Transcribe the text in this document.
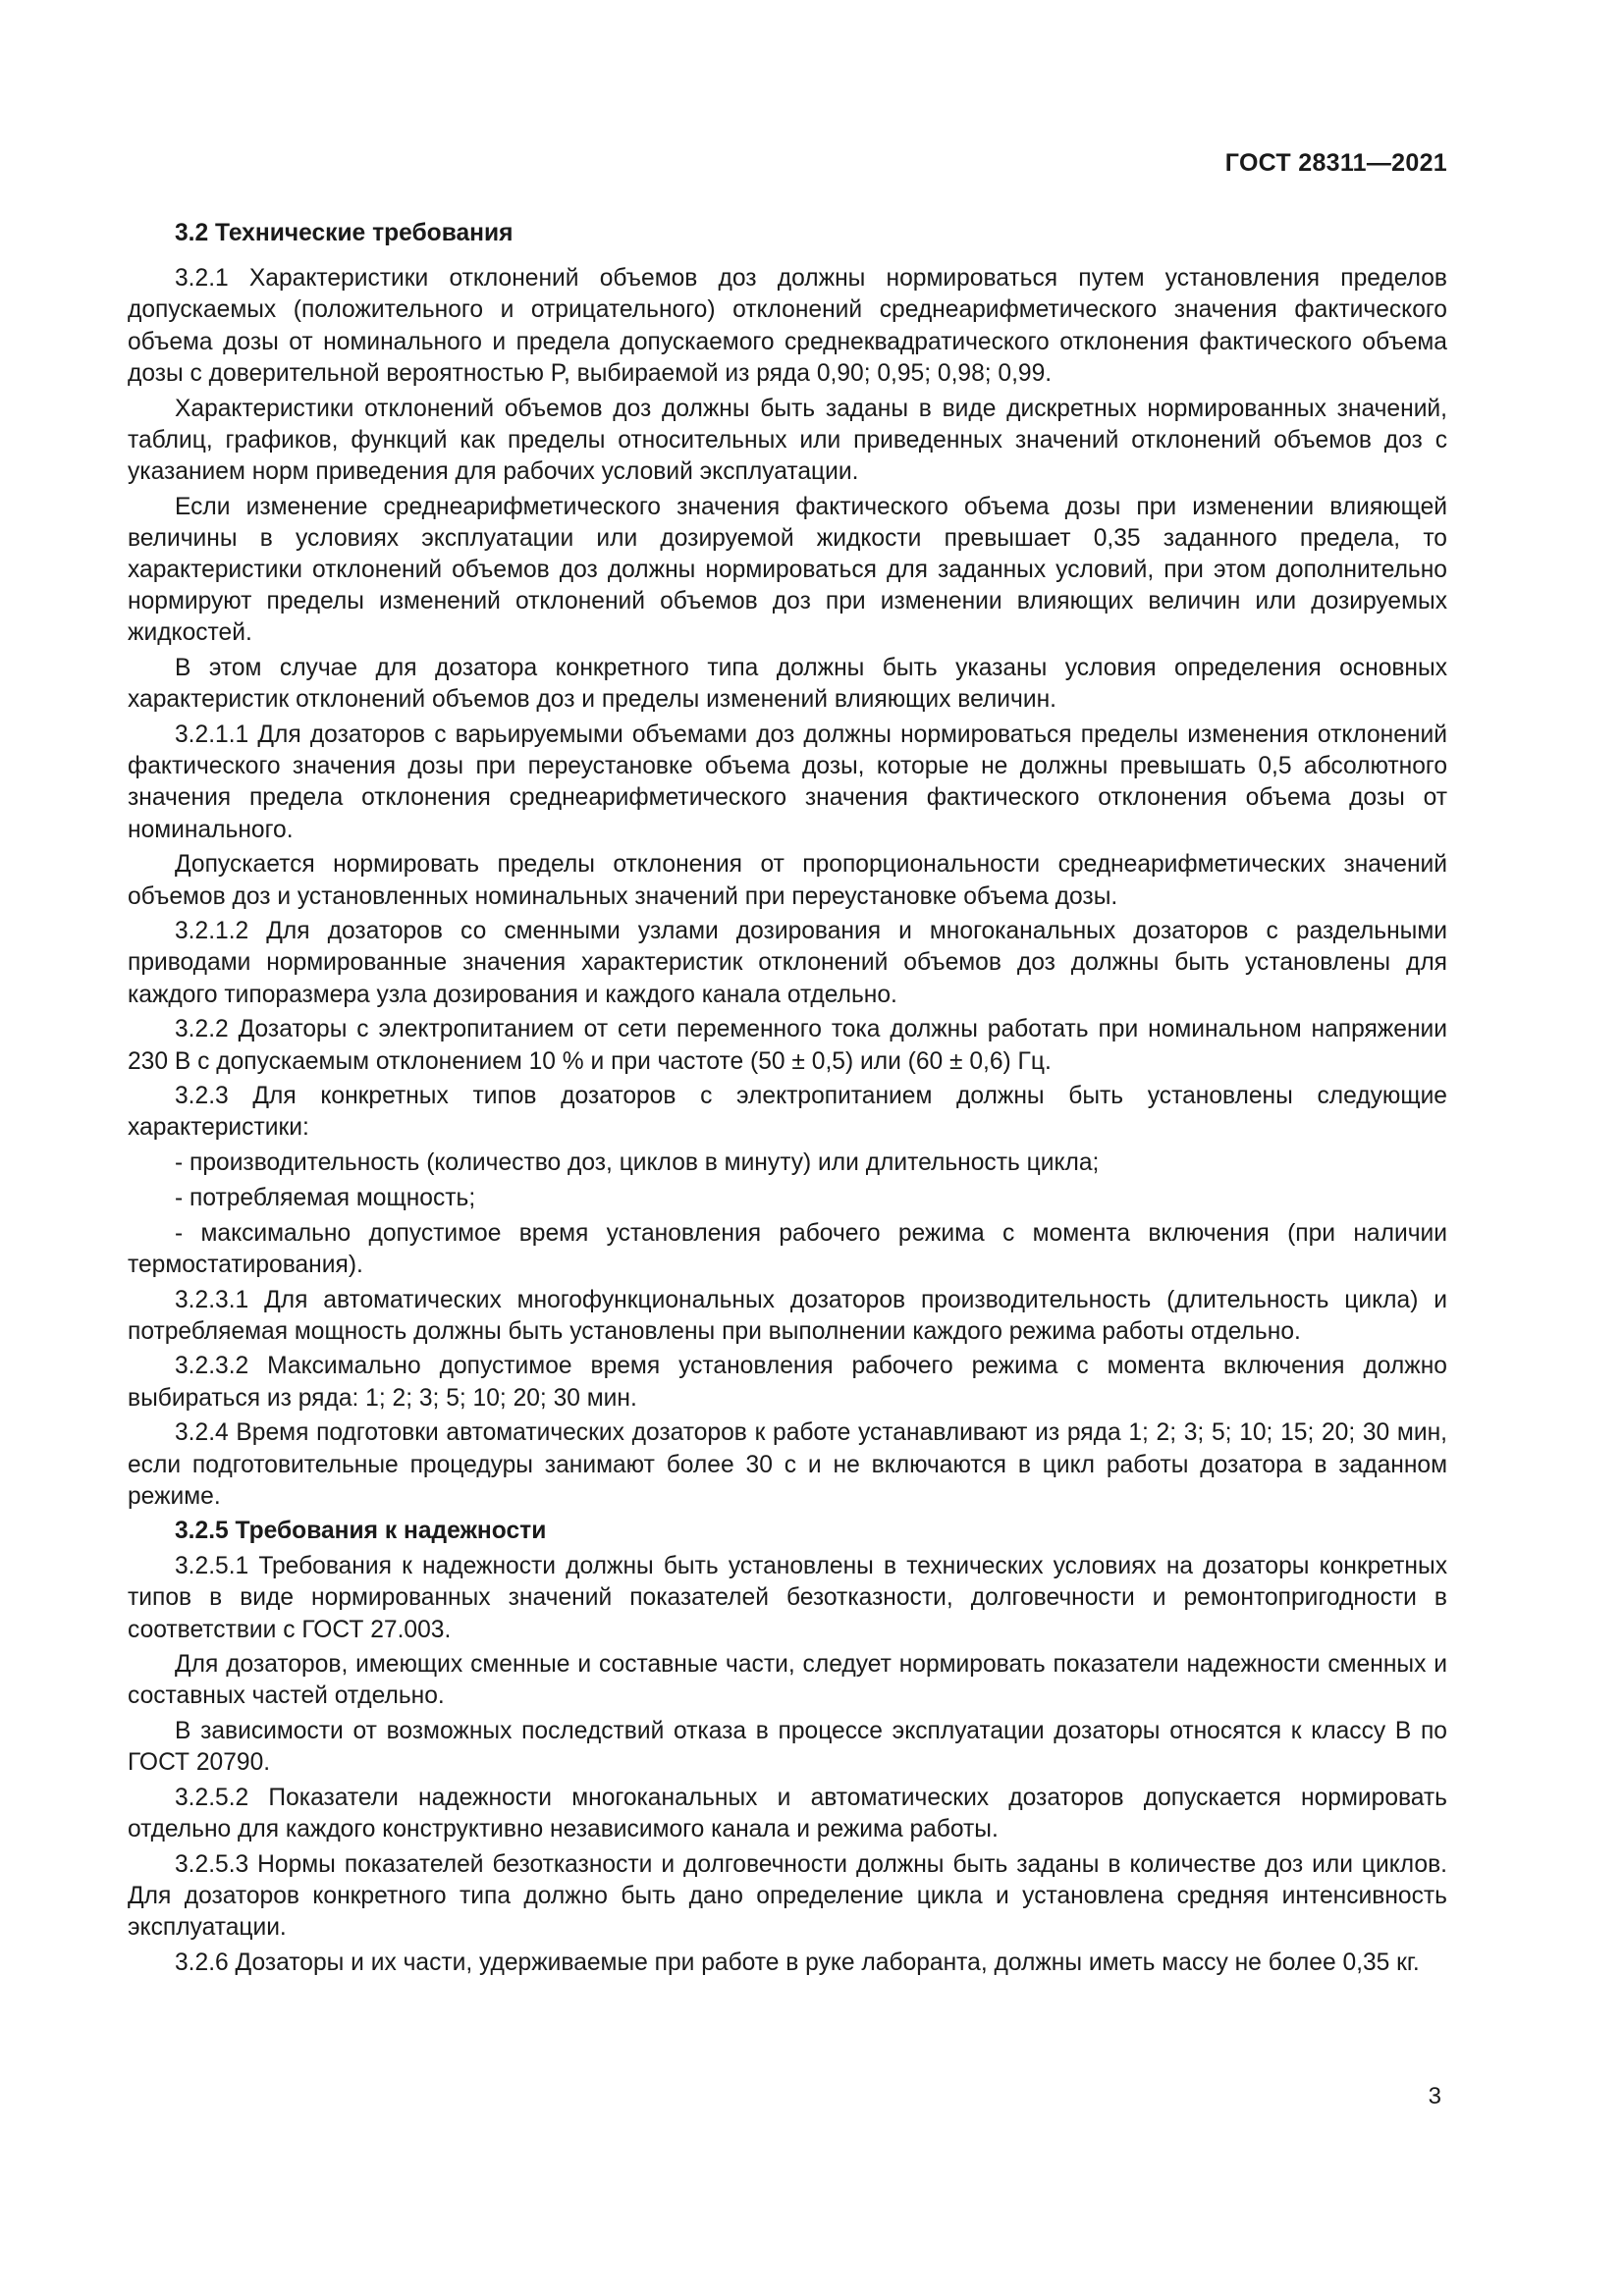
ГОСТ 28311—2021

3.2 Технические требования

3.2.1 Характеристики отклонений объемов доз должны нормироваться путем установления пределов допускаемых (положительного и отрицательного) отклонений среднеарифметического значения фактического объема дозы от номинального и предела допускаемого среднеквадратического отклонения фактического объема дозы с доверительной вероятностью P, выбираемой из ряда 0,90; 0,95; 0,98; 0,99.

Характеристики отклонений объемов доз должны быть заданы в виде дискретных нормированных значений, таблиц, графиков, функций как пределы относительных или приведенных значений отклонений объемов доз с указанием норм приведения для рабочих условий эксплуатации.

Если изменение среднеарифметического значения фактического объема дозы при изменении влияющей величины в условиях эксплуатации или дозируемой жидкости превышает 0,35 заданного предела, то характеристики отклонений объемов доз должны нормироваться для заданных условий, при этом дополнительно нормируют пределы изменений отклонений объемов доз при изменении влияющих величин или дозируемых жидкостей.

В этом случае для дозатора конкретного типа должны быть указаны условия определения основных характеристик отклонений объемов доз и пределы изменений влияющих величин.

3.2.1.1 Для дозаторов с варьируемыми объемами доз должны нормироваться пределы изменения отклонений фактического значения дозы при переустановке объема дозы, которые не должны превышать 0,5 абсолютного значения предела отклонения среднеарифметического значения фактического отклонения объема дозы от номинального.

Допускается нормировать пределы отклонения от пропорциональности среднеарифметических значений объемов доз и установленных номинальных значений при переустановке объема дозы.

3.2.1.2 Для дозаторов со сменными узлами дозирования и многоканальных дозаторов с раздельными приводами нормированные значения характеристик отклонений объемов доз должны быть установлены для каждого типоразмера узла дозирования и каждого канала отдельно.

3.2.2 Дозаторы с электропитанием от сети переменного тока должны работать при номинальном напряжении 230 В с допускаемым отклонением 10 % и при частоте (50 ± 0,5) или (60 ± 0,6) Гц.

3.2.3 Для конкретных типов дозаторов с электропитанием должны быть установлены следующие характеристики:

- производительность (количество доз, циклов в минуту) или длительность цикла;

- потребляемая мощность;

- максимально допустимое время установления рабочего режима с момента включения (при наличии термостатирования).

3.2.3.1 Для автоматических многофункциональных дозаторов производительность (длительность цикла) и потребляемая мощность должны быть установлены при выполнении каждого режима работы отдельно.

3.2.3.2 Максимально допустимое время установления рабочего режима с момента включения должно выбираться из ряда: 1; 2; 3; 5; 10; 20; 30 мин.

3.2.4 Время подготовки автоматических дозаторов к работе устанавливают из ряда 1; 2; 3; 5; 10; 15; 20; 30 мин, если подготовительные процедуры занимают более 30 с и не включаются в цикл работы дозатора в заданном режиме.

3.2.5 Требования к надежности

3.2.5.1 Требования к надежности должны быть установлены в технических условиях на дозаторы конкретных типов в виде нормированных значений показателей безотказности, долговечности и ремонтопригодности в соответствии с ГОСТ 27.003.

Для дозаторов, имеющих сменные и составные части, следует нормировать показатели надежности сменных и составных частей отдельно.

В зависимости от возможных последствий отказа в процессе эксплуатации дозаторы относятся к классу В по ГОСТ 20790.

3.2.5.2 Показатели надежности многоканальных и автоматических дозаторов допускается нормировать отдельно для каждого конструктивно независимого канала и режима работы.

3.2.5.3 Нормы показателей безотказности и долговечности должны быть заданы в количестве доз или циклов. Для дозаторов конкретного типа должно быть дано определение цикла и установлена средняя интенсивность эксплуатации.

3.2.6 Дозаторы и их части, удерживаемые при работе в руке лаборанта, должны иметь массу не более 0,35 кг.

3
